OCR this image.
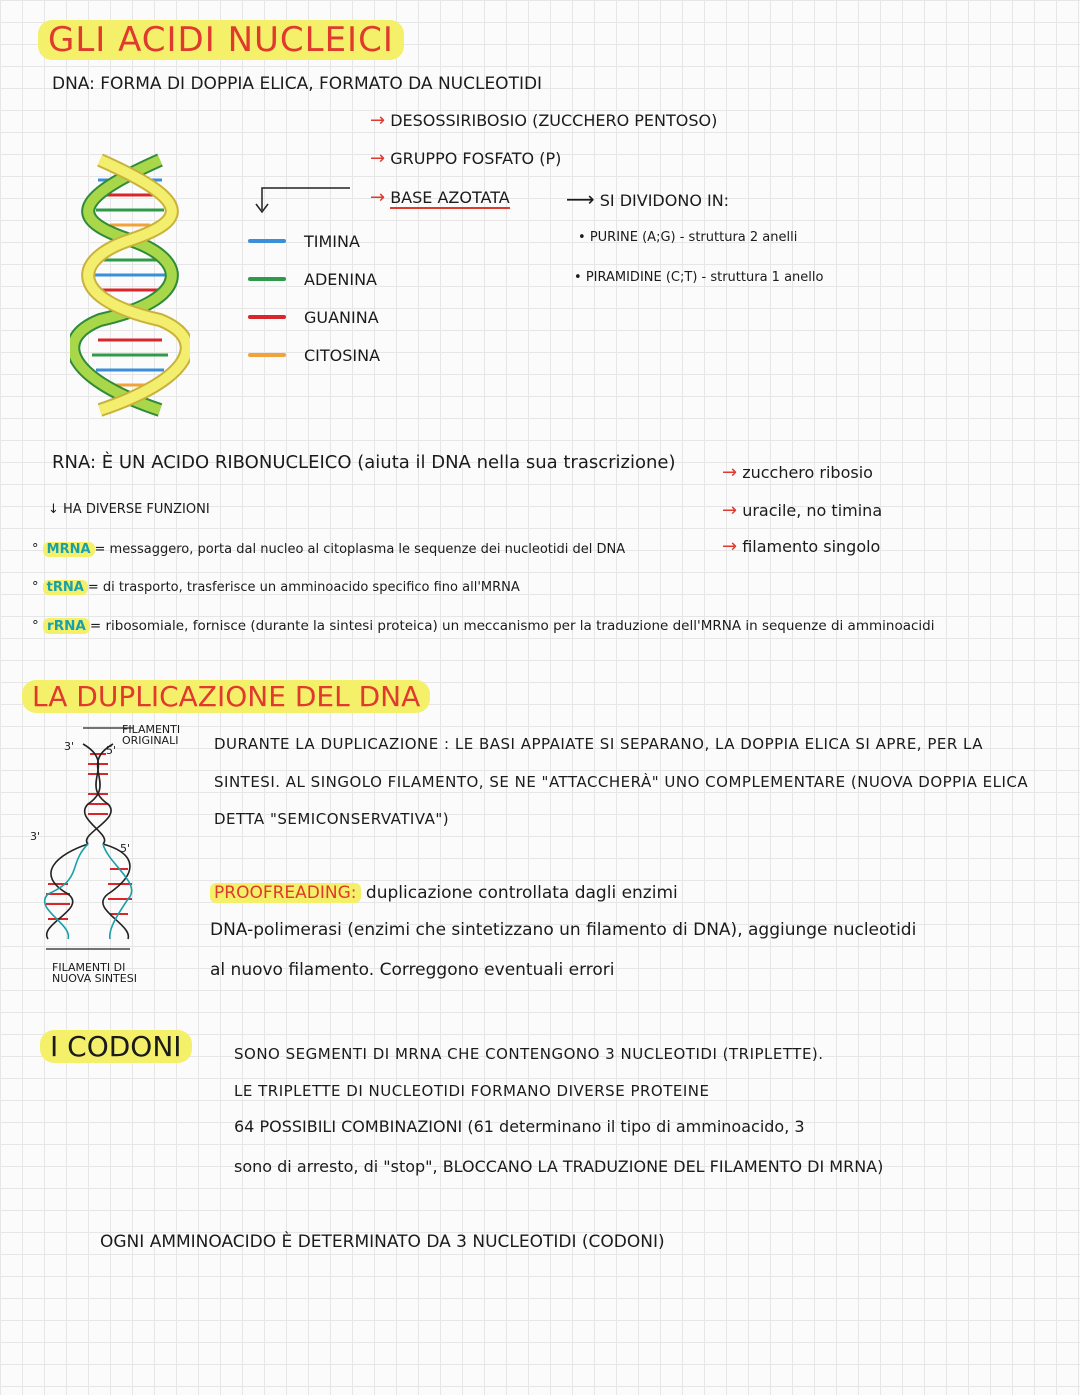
GLI ACIDI NUCLEICI
DNA: FORMA DI DOPPIA ELICA, FORMATO DA NUCLEOTIDI
→ DESOSSIRIBOSIO (ZUCCHERO PENTOSO)
→ GRUPPO FOSFATO (P)
→ BASE AZOTATA	⟶ SI DIVIDONO IN:
• PURINE (A;G) - struttura 2 anelli
• PIRAMIDINE (C;T) - struttura 1 anello
TIMINA
ADENINA
GUANINA
CITOSINA
RNA: È UN ACIDO RIBONUCLEICO (aiuta il DNA nella sua trascrizione)
↓ HA DIVERSE FUNZIONI
→ zucchero ribosio
→ uracile, no timina
→ filamento singolo
° MRNA = messaggero, porta dal nucleo al citoplasma le sequenze dei nucleotidi del DNA
° tRNA = di trasporto, trasferisce un amminoacido specifico fino all'MRNA
° rRNA = ribosomiale, fornisce (durante la sintesi proteica) un meccanismo per la traduzione dell'MRNA in sequenze di amminoacidi
LA DUPLICAZIONE DEL DNA
FILAMENTI ORIGINALI
3'	5'
3'
5'
FILAMENTI DI NUOVA SINTESI
DURANTE LA DUPLICAZIONE : LE BASI APPAIATE SI SEPARANO, LA DOPPIA ELICA SI APRE, PER LA
SINTESI. AL SINGOLO FILAMENTO, SE NE "ATTACCHERÀ" UNO COMPLEMENTARE (NUOVA DOPPIA ELICA
DETTA "SEMICONSERVATIVA")
PROOFREADING: duplicazione controllata dagli enzimi
DNA-polimerasi (enzimi che sintetizzano un filamento di DNA), aggiunge nucleotidi
al nuovo filamento. Correggono eventuali errori
I CODONI	SONO SEGMENTI DI MRNA CHE CONTENGONO 3 NUCLEOTIDI (TRIPLETTE).
LE TRIPLETTE DI NUCLEOTIDI FORMANO DIVERSE PROTEINE
64 POSSIBILI COMBINAZIONI (61 determinano il tipo di amminoacido, 3
sono di arresto, di "stop", BLOCCANO LA TRADUZIONE DEL FILAMENTO DI MRNA)
OGNI AMMINOACIDO È DETERMINATO DA 3 NUCLEOTIDI (CODONI)
